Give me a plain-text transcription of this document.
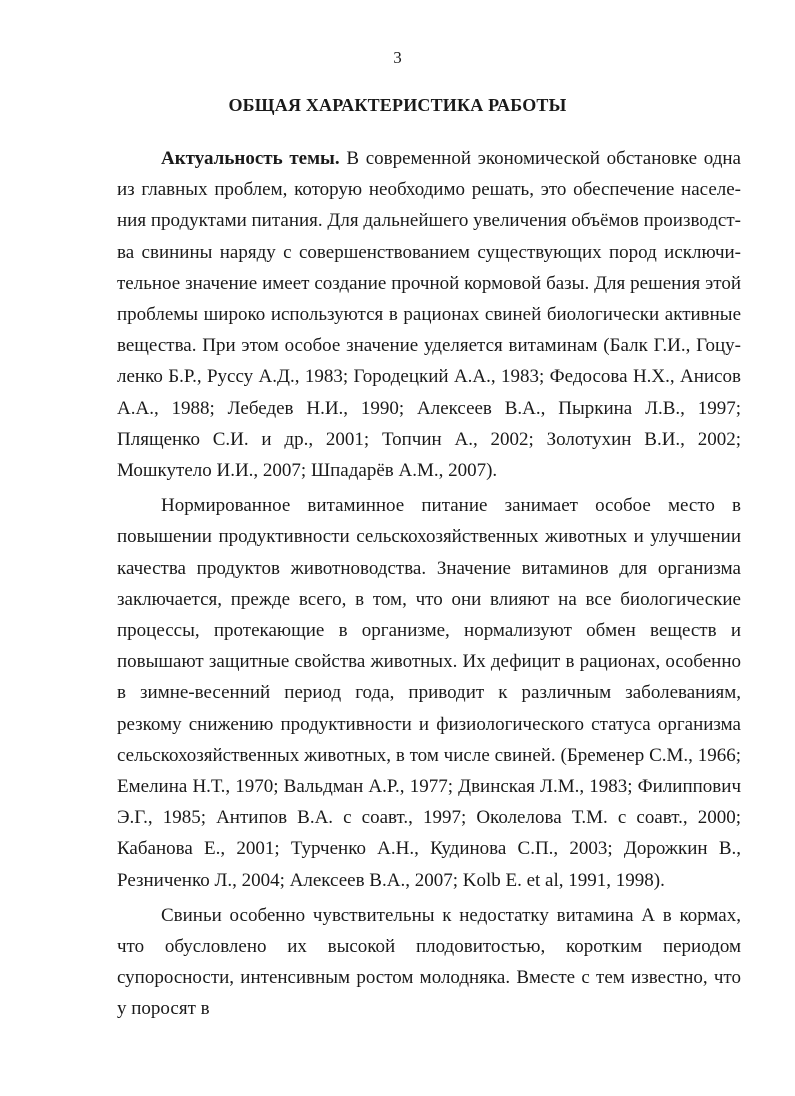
3
ОБЩАЯ ХАРАКТЕРИСТИКА РАБОТЫ

Актуальность темы. В современной экономической обстановке одна из главных проблем, которую необходимо решать, это обеспечение населения продуктами питания. Для дальнейшего увеличения объёмов производства свинины наряду с совершенствованием существующих пород исключительное значение имеет создание прочной кормовой базы. Для решения этой проблемы широко используются в рационах свиней биологически активные вещества. При этом особое значение уделяется витаминам (Балк Г.И., Гоцуленко Б.Р., Руссу А.Д., 1983; Городецкий А.А., 1983; Федосова Н.Х., Анисов А.А., 1988; Лебедев Н.И., 1990; Алексеев В.А., Пыркина Л.В., 1997; Плященко С.И. и др., 2001; Топчин А., 2002; Золотухин В.И., 2002; Мошкутело И.И., 2007; Шпадарёв А.М., 2007).

Нормированное витаминное питание занимает особое место в повышении продуктивности сельскохозяйственных животных и улучшении качества продуктов животноводства. Значение витаминов для организма заключается, прежде всего, в том, что они влияют на все биологические процессы, протекающие в организме, нормализуют обмен веществ и повышают защитные свойства животных. Их дефицит в рационах, особенно в зимне-весенний период года, приводит к различным заболеваниям, резкому снижению продуктивности и физиологического статуса организма сельскохозяйственных животных, в том числе свиней. (Бременер С.М., 1966; Емелина Н.Т., 1970; Вальдман А.Р., 1977; Двинская Л.М., 1983; Филиппович Э.Г., 1985; Антипов В.А. с соавт., 1997; Околелова Т.М. с соавт., 2000; Кабанова Е., 2001; Турченко А.Н., Кудинова С.П., 2003; Дорожкин В., Резниченко Л., 2004; Алексеев В.А., 2007; Kolb E. et al, 1991, 1998).

Свиньи особенно чувствительны к недостатку витамина А в кормах, что обусловлено их высокой плодовитостью, коротким периодом супоросности, интенсивным ростом молодняка. Вместе с тем известно, что у поросят в
